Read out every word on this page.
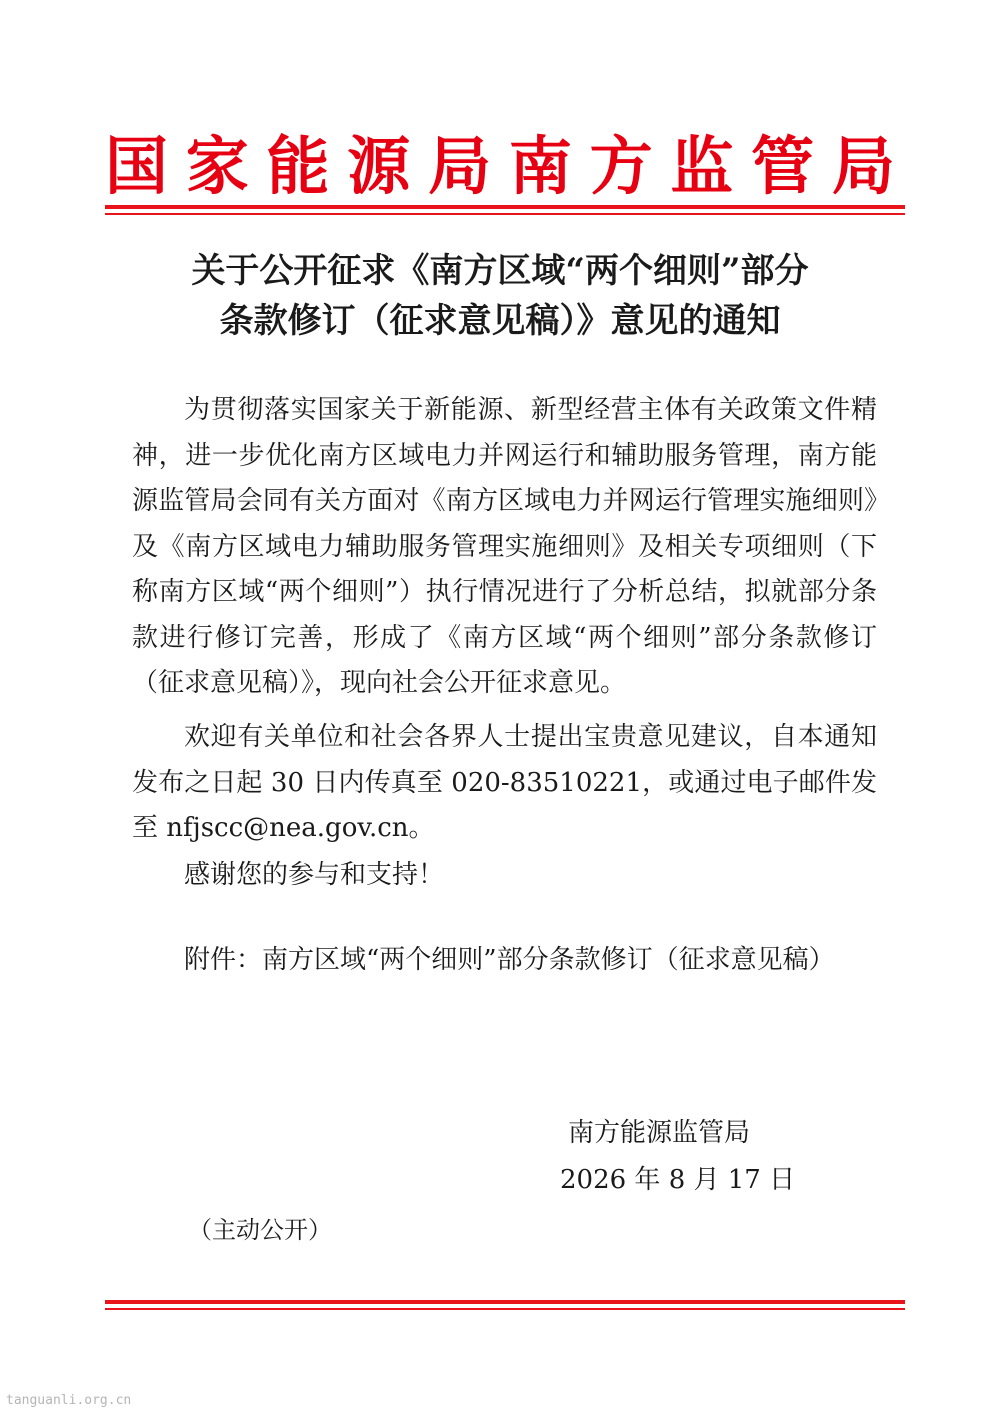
国 家 能 源 局 南 方 监 管 局
关于公开征求《南方区域“两个细则”部分
条款修订（征求意见稿）》意见的通知

为贯彻落实国家关于新能源、新型经营主体有关政策文件精神，进一步优化南方区域电力并网运行和辅助服务管理，南方能源监管局会同有关方面对《南方区域电力并网运行管理实施细则》及《南方区域电力辅助服务管理实施细则》及相关专项细则（下称南方区域“两个细则”）执行情况进行了分析总结，拟就部分条款进行修订完善，形成了《南方区域“两个细则”部分条款修订（征求意见稿）》，现向社会公开征求意见。

欢迎有关单位和社会各界人士提出宝贵意见建议，自本通知发布之日起 30 日内传真至 020-83510221，或通过电子邮件发至 nfjscc@nea.gov.cn。

感谢您的参与和支持！

附件：南方区域“两个细则”部分条款修订（征求意见稿）

南方能源监管局
2026 年 8 月 17 日
（主动公开）
tanguanli.org.cn
